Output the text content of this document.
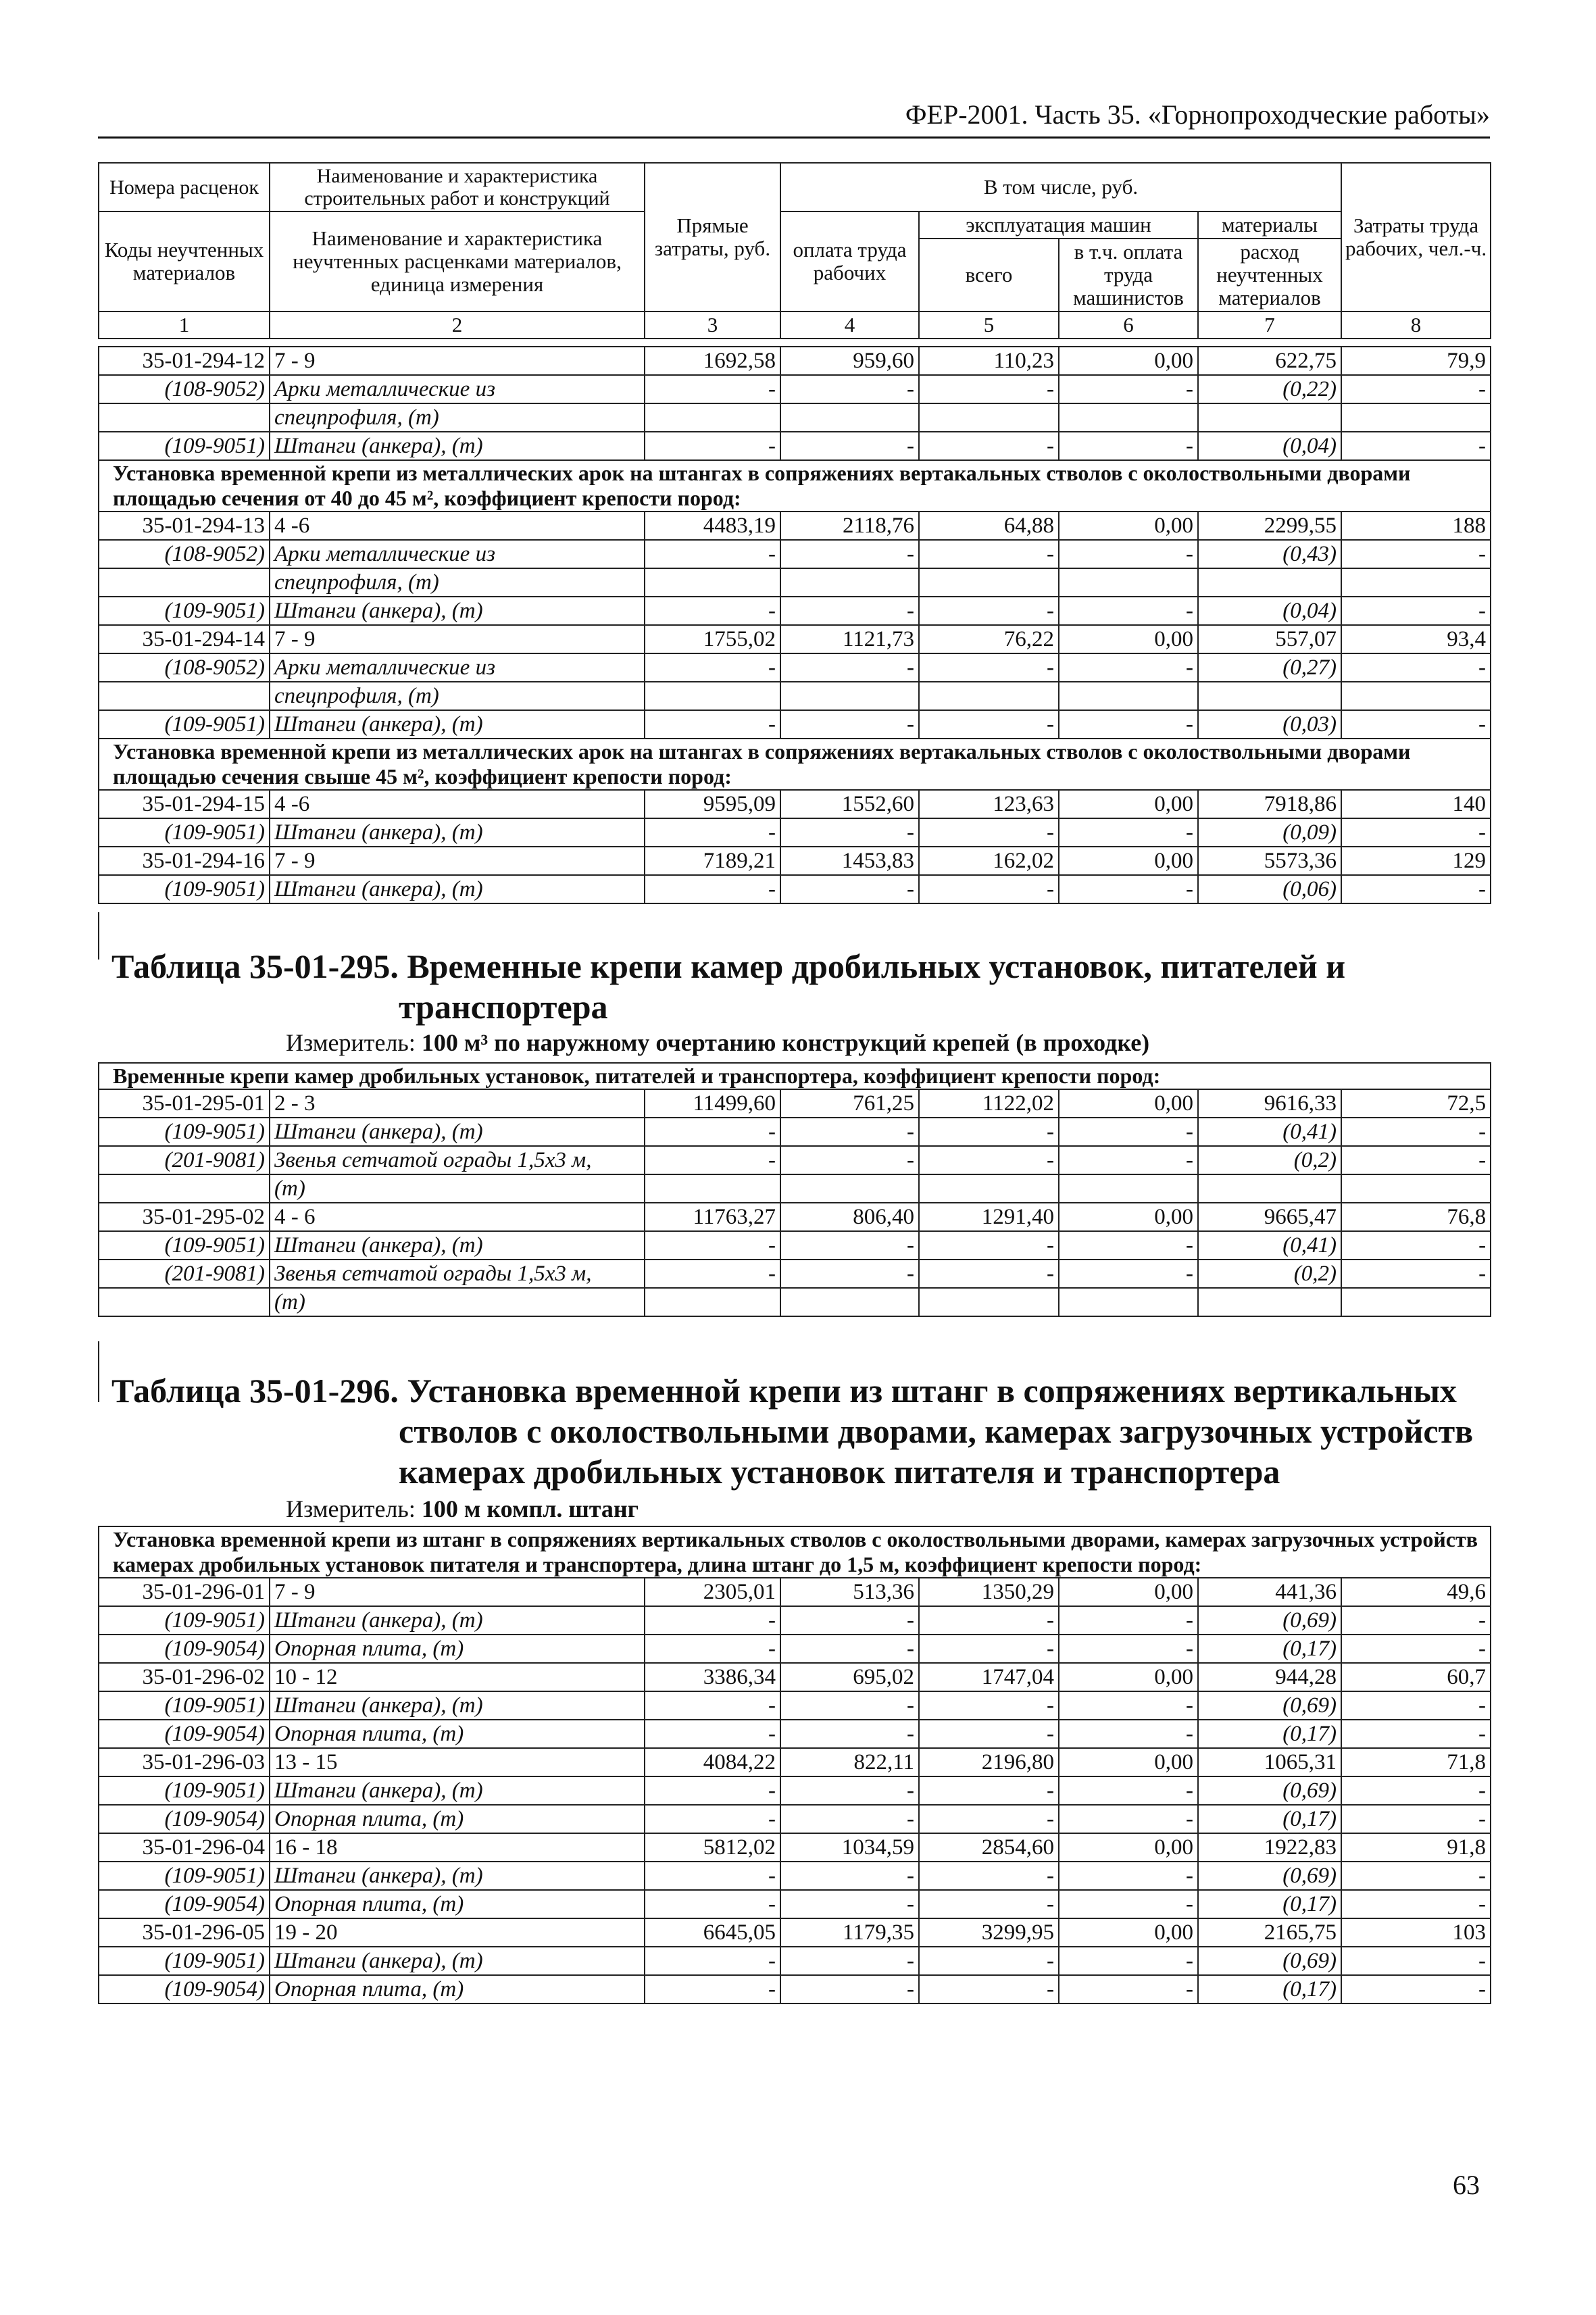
ФЕР-2001. Часть 35. «Горнопроходческие работы»
Номера расценок	Наименование и характеристика строительных работ и конструкций	Прямые затраты, руб.	В том числе, руб.				Затраты труда рабочих, чел.-ч.
Коды неучтенных материалов	Наименование и характеристика неучтенных расценками материалов, единица измерения		оплата труда рабочих	эксплуатация машин		материалы	
				всего	в т.ч. оплата труда машинистов	расход неучтенных материалов	

1	2	3	4	5	6	7	8
35-01-294-12	7 - 9	1692,58	959,60	110,23	0,00	622,75	79,9
(108-9052)	Арки металлические из	-	-	-	-	(0,22)	-
	спецпрофиля, (т)						
(109-9051)	Штанги (анкера), (т)	-	-	-	-	(0,04)	-
Установка временной крепи из металлических арок на штангах в сопряжениях вертакальных стволов с околоствольными дворами площадью сечения от 40 до 45 м², коэффициент крепости пород:							
35-01-294-13	4 -6	4483,19	2118,76	64,88	0,00	2299,55	188
(108-9052)	Арки металлические из	-	-	-	-	(0,43)	-
	спецпрофиля, (т)						
(109-9051)	Штанги (анкера), (т)	-	-	-	-	(0,04)	-
35-01-294-14	7 - 9	1755,02	1121,73	76,22	0,00	557,07	93,4
(108-9052)	Арки металлические из	-	-	-	-	(0,27)	-
	спецпрофиля, (т)						
(109-9051)	Штанги (анкера), (т)	-	-	-	-	(0,03)	-
Установка временной крепи из металлических арок на штангах в сопряжениях вертакальных стволов с околоствольными дворами площадью сечения свыше 45 м², коэффициент крепости пород:							
35-01-294-15	4 -6	9595,09	1552,60	123,63	0,00	7918,86	140
(109-9051)	Штанги (анкера), (т)	-	-	-	-	(0,09)	-
35-01-294-16	7 - 9	7189,21	1453,83	162,02	0,00	5573,36	129
(109-9051)	Штанги (анкера), (т)	-	-	-	-	(0,06)	-
Таблица 35-01-295. Временные крепи камер дробильных установок, питателей и
транспортера
Измеритель: 100 м³ по наружному очертанию конструкций крепей (в проходке)
Временные крепи камер дробильных установок, питателей и транспортера, коэффициент крепости пород:							
35-01-295-01	2 - 3	11499,60	761,25	1122,02	0,00	9616,33	72,5
(109-9051)	Штанги (анкера), (т)	-	-	-	-	(0,41)	-
(201-9081)	Звенья сетчатой ограды 1,5х3 м,	-	-	-	-	(0,2)	-
	(т)						
35-01-295-02	4 - 6	11763,27	806,40	1291,40	0,00	9665,47	76,8
(109-9051)	Штанги (анкера), (т)	-	-	-	-	(0,41)	-
(201-9081)	Звенья сетчатой ограды 1,5х3 м,	-	-	-	-	(0,2)	-
	(т)						
Таблица 35-01-296. Установка временной крепи из штанг в сопряжениях вертикальных
стволов с околоствольными дворами, камерах загрузочных устройств
камерах дробильных установок питателя и транспортера
Измеритель: 100 м компл. штанг
Установка временной крепи из штанг в сопряжениях вертикальных стволов с околоствольными дворами, камерах загрузочных устройств камерах дробильных установок питателя и транспортера, длина штанг до 1,5 м, коэффициент крепости пород:							
35-01-296-01	7 - 9	2305,01	513,36	1350,29	0,00	441,36	49,6
(109-9051)	Штанги (анкера), (т)	-	-	-	-	(0,69)	-
(109-9054)	Опорная плита, (т)	-	-	-	-	(0,17)	-
35-01-296-02	10 - 12	3386,34	695,02	1747,04	0,00	944,28	60,7
(109-9051)	Штанги (анкера), (т)	-	-	-	-	(0,69)	-
(109-9054)	Опорная плита, (т)	-	-	-	-	(0,17)	-
35-01-296-03	13 - 15	4084,22	822,11	2196,80	0,00	1065,31	71,8
(109-9051)	Штанги (анкера), (т)	-	-	-	-	(0,69)	-
(109-9054)	Опорная плита, (т)	-	-	-	-	(0,17)	-
35-01-296-04	16 - 18	5812,02	1034,59	2854,60	0,00	1922,83	91,8
(109-9051)	Штанги (анкера), (т)	-	-	-	-	(0,69)	-
(109-9054)	Опорная плита, (т)	-	-	-	-	(0,17)	-
35-01-296-05	19 - 20	6645,05	1179,35	3299,95	0,00	2165,75	103
(109-9051)	Штанги (анкера), (т)	-	-	-	-	(0,69)	-
(109-9054)	Опорная плита, (т)	-	-	-	-	(0,17)	-
63
